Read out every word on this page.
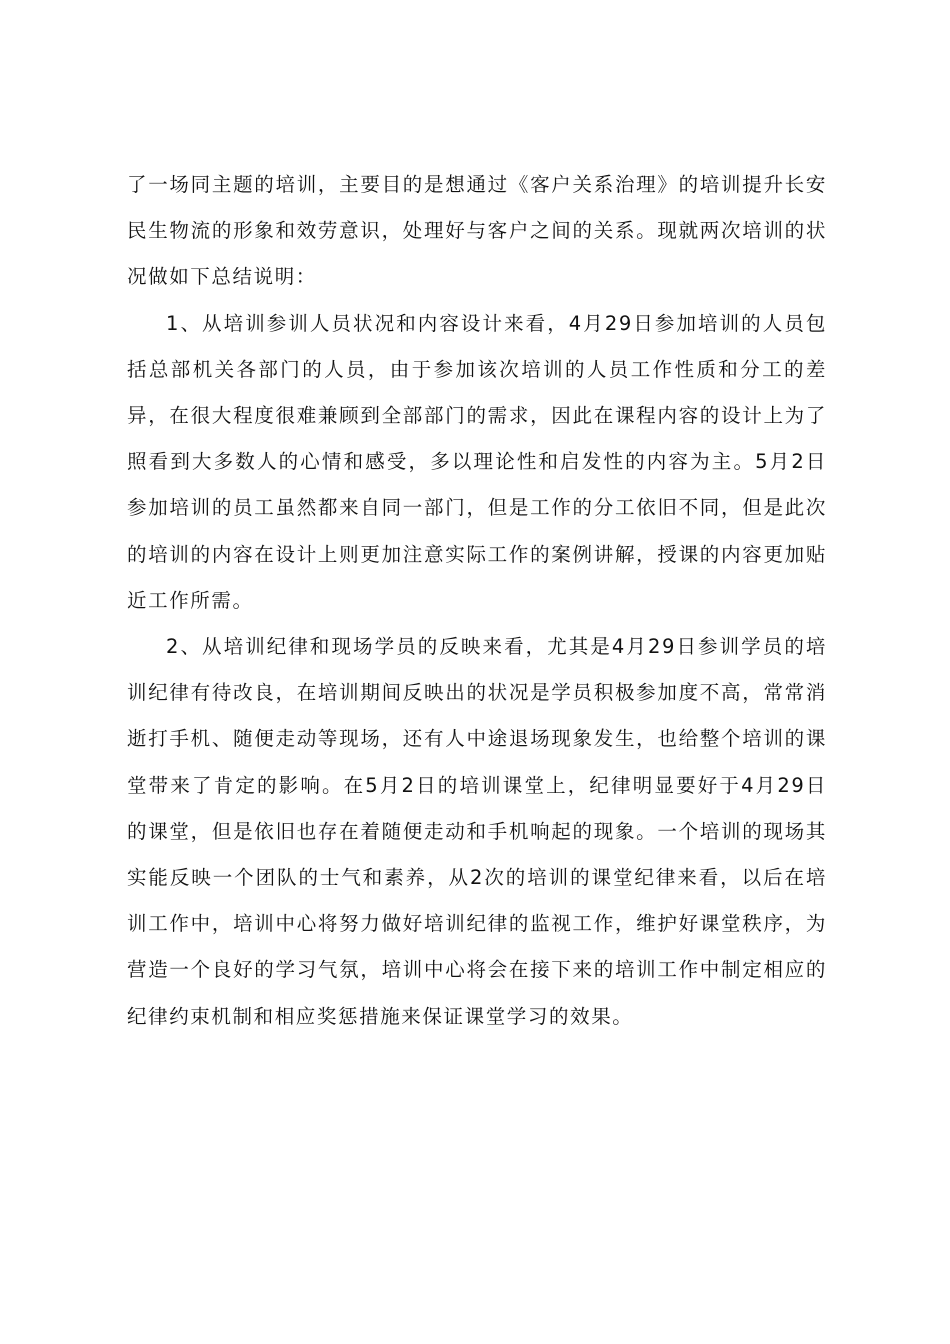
了一场同主题的培训，主要目的是想通过《客户关系治理》的培训提升长安民生物流的形象和效劳意识，处理好与客户之间的关系。现就两次培训的状况做如下总结说明：

1、从培训参训人员状况和内容设计来看，4月29日参加培训的人员包括总部机关各部门的人员，由于参加该次培训的人员工作性质和分工的差异，在很大程度很难兼顾到全部部门的需求，因此在课程内容的设计上为了照看到大多数人的心情和感受，多以理论性和启发性的内容为主。5月2日参加培训的员工虽然都来自同一部门，但是工作的分工依旧不同，但是此次的培训的内容在设计上则更加注意实际工作的案例讲解，授课的内容更加贴近工作所需。

2、从培训纪律和现场学员的反映来看，尤其是4月29日参训学员的培训纪律有待改良，在培训期间反映出的状况是学员积极参加度不高，常常消逝打手机、随便走动等现场，还有人中途退场现象发生，也给整个培训的课堂带来了肯定的影响。在5月2日的培训课堂上，纪律明显要好于4月29日的课堂，但是依旧也存在着随便走动和手机响起的现象。一个培训的现场其实能反映一个团队的士气和素养，从2次的培训的课堂纪律来看，以后在培训工作中，培训中心将努力做好培训纪律的监视工作，维护好课堂秩序，为营造一个良好的学习气氛，培训中心将会在接下来的培训工作中制定相应的纪律约束机制和相应奖惩措施来保证课堂学习的效果。
